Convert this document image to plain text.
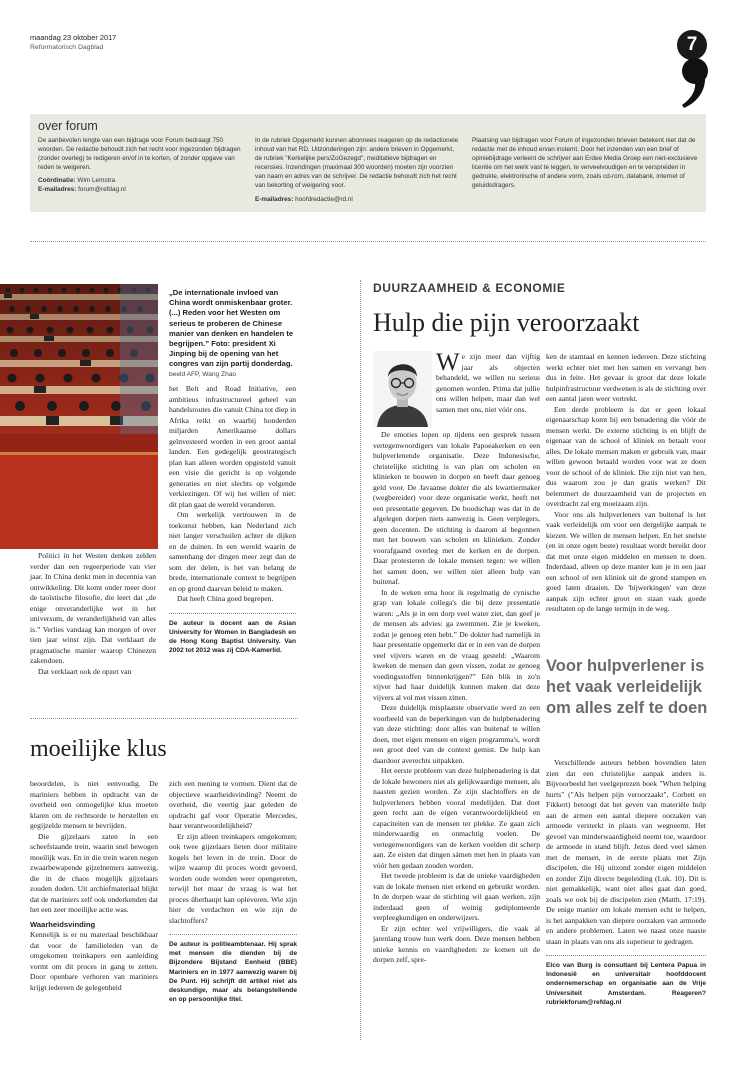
maandag 23 oktober 2017
Reformatorisch Dagblad	7
over forum
De aanbevolen lengte van een bijdrage voor Forum bedraagt 750 woorden. De redactie behoudt zich het recht voor ingezonden bijdragen (zonder overleg) te redigeren en/of in te korten, of zonder opgave van reden te weigeren.
Coördinatie: Wim Lemstra
E-mailadres: forum@refdag.nl
In de rubriek Opgemerkt kunnen abonnees reageren op de redactionele inhoud van het RD. Uitzonderingen zijn: andere brieven in Opgemerkt, de rubriek "Kerkelijke pers/ZoGezegd", meditatieve bijdragen en recensies. Inzendingen (maximaal 300 woorden) moeten zijn voorzien van naam en adres van de schrijver. De redactie behoudt zich het recht van bekorting of weigering voor.
E-mailadres: hoofdredactie@rd.nl
Plaatsing van bijdragen voor Forum of ingezonden brieven betekent niet dat de redactie met de inhoud ervan instemt. Door het inzenden van een brief of opiniebijdrage verleent de schrijver aan Erdee Media Groep een niet-exclusieve licentie om het werk vast te leggen, te verveelvoudigen en te verspreiden in gedrukte, elektronische of andere vorm, zoals cd-rom, databank, internet of geluidsdragers.
„De internationale invloed van China wordt onmiskenbaar groter. (...) Reden voor het Westen om serieus te proberen de Chinese manier van denken en handelen te begrijpen.” Foto: president Xi Jinping bij de opening van het congres van zijn partij donderdag.
beeld AFP, Wang Zhao

Politici in het Westen denken zelden verder dan een regeerperiode van vier jaar. In China denkt men in decennia van ontwikkeling. Dit komt onder meer door de taoïstische filosofie, die leert dat „de enige onveranderlijke wet in het universum, de veranderlijkheid van alles is.” Verlies vandaag kan morgen of over tien jaar winst zijn. Dat verklaart de pragmatische manier waarop Chinezen zakendoen.

Dat verklaart ook de opzet van

het Belt and Road Initiative, een ambitieus infrastructureel geheel van handelsroutes die vanuit China tot diep in Afrika reikt en waarbij honderden miljarden Amerikaanse dollars geïnvesteerd worden in een groot aantal landen. Een gedegelijk geostrategisch plan kan alleen worden opgesteld vanuit een visie die gericht is op volgende generaties en niet slechts op volgende verkiezingen. Of wij het willen of niet: dit plan gaat de wereld veranderen.

Om werkelijk vertrouwen in de toekomst hebben, kan Nederland zich niet langer verschuilen achter de dijken en de duinen. In een wereld waarin de samenhang der dingen meer zegt dan de som der delen, is het van belang de brede, internationale context te begrijpen en op grond daarvan beleid te maken.

Dat heeft China goed begrepen.

De auteur is docent aan de Asian University for Women in Bangladesh en de Hong Kong Baptist University. Van 2002 tot 2012 was zij CDA-Kamerlid.
moeilijke klus

beoordelen, is niet eenvoudig. De mariniers hebben in opdracht van de overheid een onmogelijke klus moeten klaren om de rechtsorde te herstellen en gegijzelde mensen te bevrijden.

Die gijzelaars zaten in een scheefstaande trein, waarin snel bewogen moeilijk was. En in die trein waren negen zwaarbewapende gijzelnemers aanwezig, die in de chaos mogelijk gijzelaars zouden doden. Uit archiefmateriaal blijkt dat de mariniers zelf ook onderkenden dat het een zeer moeilijke actie was.

Waarheidsvinding

Kennelijk is er nu materiaal beschikbaar dat voor de familieleden van de omgekomen treinkapers een aanleiding vormt om dit proces in gang te zetten. Door openbare verhoren van mariniers krijgt iedereen de gelegenheid

zich een mening te vormen. Dient dat de objectieve waarheidsvinding? Neemt de overheid, die veertig jaar geleden de opdracht gaf voor Operatie Mercedes, haar verantwoordelijkheid?

Er zijn alleen treinkapers omgekomen; ook twee gijzelaars lieten door militaire kogels het leven in de trein. Door de wijze waarop dit proces wordt gevoerd, worden oude wonden weer opengereten, terwijl het maar de vraag is wat het proces überhaupt kan opleveren. Wie zijn hier de verdachten en wie zijn de slachtoffers?

De auteur is politieambtenaar. Hij sprak met mensen die dienden bij de Bijzondere Bijstand Eenheid (BBE) Mariniers en in 1977 aanwezig waren bij De Punt. Hij schrijft dit artikel niet als deskundige, maar als belangstellende en op persoonlijke titel.
DUURZAAMHEID & ECONOMIE
Hulp die pijn veroorzaakt

We zijn meer dan vijftig jaar als objecten behandeld, we willen nu serieus genomen worden. Prima dat jullie ons willen helpen, maar dan wel samen met ons, niet vóór ons.

De emoties lopen op tijdens een gesprek tussen vertegenwoordigers van lokale Papoeakerken en een hulpverlenende organisatie. Deze Indonesische, christelijke stichting is van plan om scholen en klinieken te bouwen in dorpen en heeft daar genoeg geld voor. De Javaanse dokter die als kwartiermaker (wegbereider) voor deze organisatie werkt, heeft net een presentatie gegeven. De boodschap was dat in de afgelegen dorpen niets aanwezig is. Geen verplegers, geen docenten. De stichting is daarom al begonnen met het bouwen van scholen en klinieken. Zonder voorafgaand overleg met de kerken en de dorpen. Daar protesteren de lokale mensen tegen: we willen het samen doen, we willen niet alleen hulp van buitenaf.

In de weken erna hoor ik regelmatig de cynische grap van lokale collega's die bij deze presentatie waren: „Als je in een dorp veel water ziet, dan geef je de mensen als advies: ga zwemmen. Zie je kweken, zodat je genoeg eten hebt.” De dokter had namelijk in haar presentatie opgemerkt dat er in een van de dorpen veel vijvers waren en de vraag gesteld: „Waarom kweken de mensen dan geen vissen, zodat ze genoeg voedingsstoffen binnenkrijgen?” Eén blik in zo'n vijver had haar duidelijk kunnen maken dat deze vijvers al vol met vissen zitten.

Deze duidelijk misplaatste observatie werd zo een voorbeeld van de beperkingen van de hulpbenadering van deze stichting: door alles van buitenaf te willen doen, met eigen mensen en eigen programma's, wordt een groot deel van de context gemist. De hulp kan daardoor averechts uitpakken.

Het eerste probleem van deze hulpbenadering is dat de lokale bewoners niet als gelijkwaardige mensen, als naasten gezien worden. Ze zijn slachtoffers en de hulpverleners hebben vooral medelijden. Dat doet geen recht aan de eigen verantwoordelijkheid en capaciteiten van de mensen ter plekke. Ze gaan zich minderwaardig en onmachtig voelen. De vertegenwoordigers van de kerken voelden dit scherp aan. Ze eisten dat dingen sámen met hen in plaats van vóór hen gedaan zouden worden.

Het tweede probleem is dat de unieke vaardigheden van de lokale mensen niet erkend en gebruikt worden. In de dorpen waar de stichting wil gaan werken, zijn inderdaad geen of weinig gediplomeerde verpleegkundigen en onderwijzers.

Er zijn echter wel vrijwilligers, die vaak al jarenlang trouw hun werk doen. Deze mensen hebben unieke kennis en vaardigheden: ze komen uit de dorpen zelf, spre-

ken de stamtaal en kennen iedereen. Deze stichting werkt echter niet met hen samen en vervangt hen dus in feite. Het gevaar is groot dat deze lokale hulpinfrastructuur verdwenen is als de stichting over een aantal jaren weer vertrekt.

Een derde probleem is dat er geen lokaal eigenaarschap komt bij een benadering die vóór de mensen werkt. De externe stichting is en blijft de eigenaar van de school of kliniek en betaalt voor alles. De lokale mensen maken er gebruik van, maar willen gewoon betaald worden voor wat ze doen voor de school of de kliniek. Die zijn niet van hen, dus waarom zou je dan gratis werken? Dit belemmert de duurzaamheid van de projecten en overdracht zal erg moeizaam zijn.

Voor ons als hulpverleners van buitenaf is het vaak verleidelijk om voor een dergelijke aanpak te kiezen. We willen de mensen helpen. En het snelste (en in onze ogen beste) resultaat wordt bereikt door dat met onze eigen middelen en mensen te doen. Inderdaad, alleen op deze manier kun je in een jaar een school of een kliniek uit de grond stampen en goed laten draaien. De 'bijwerkingen' van deze aanpak zijn echter groot en staan vaak goede resultaten op de lange termijn in de weg.

Voor hulpverlener is het vaak verleidelijk om alles zelf te doen

Verschillende auteurs hebben bovendien laten zien dat een christelijke aanpak anders is. Bijvoorbeeld het veelgeprezen boek "When helping hurts" ("Als helpen pijn veroorzaakt", Corbett en Fikkert) betoogt dat het geven van materiële hulp aan de armen een aantal diepere oorzaken van armoede versterkt in plaats van wegneemt. Het gevoel van minderwaardigheid neemt toe, waardoor de armoede in stand blijft. Jezus deed veel sámen met de mensen, in de eerste plaats met Zijn discipelen, die Hij uitzond zonder eigen middelen en zonder Zijn directe begeleiding (Luk. 10). Dit is niet gemakkelijk, want niet alles gaat dan goed, zoals we ook bij de discipelen zien (Matth. 17:19). De enige manier om lokale mensen echt te helpen, is het aanpakken van diepere oorzaken van armoede en andere problemen. Laten we naast onze naaste staan in plaats van ons als superieur te gedragen.

Elco van Burg is consultant bij Lentera Papua in Indonesië en universitair hoofddocent ondernemerschap en organisatie aan de Vrije Universiteit Amsterdam. Reageren? rubriekforum@refdag.nl
